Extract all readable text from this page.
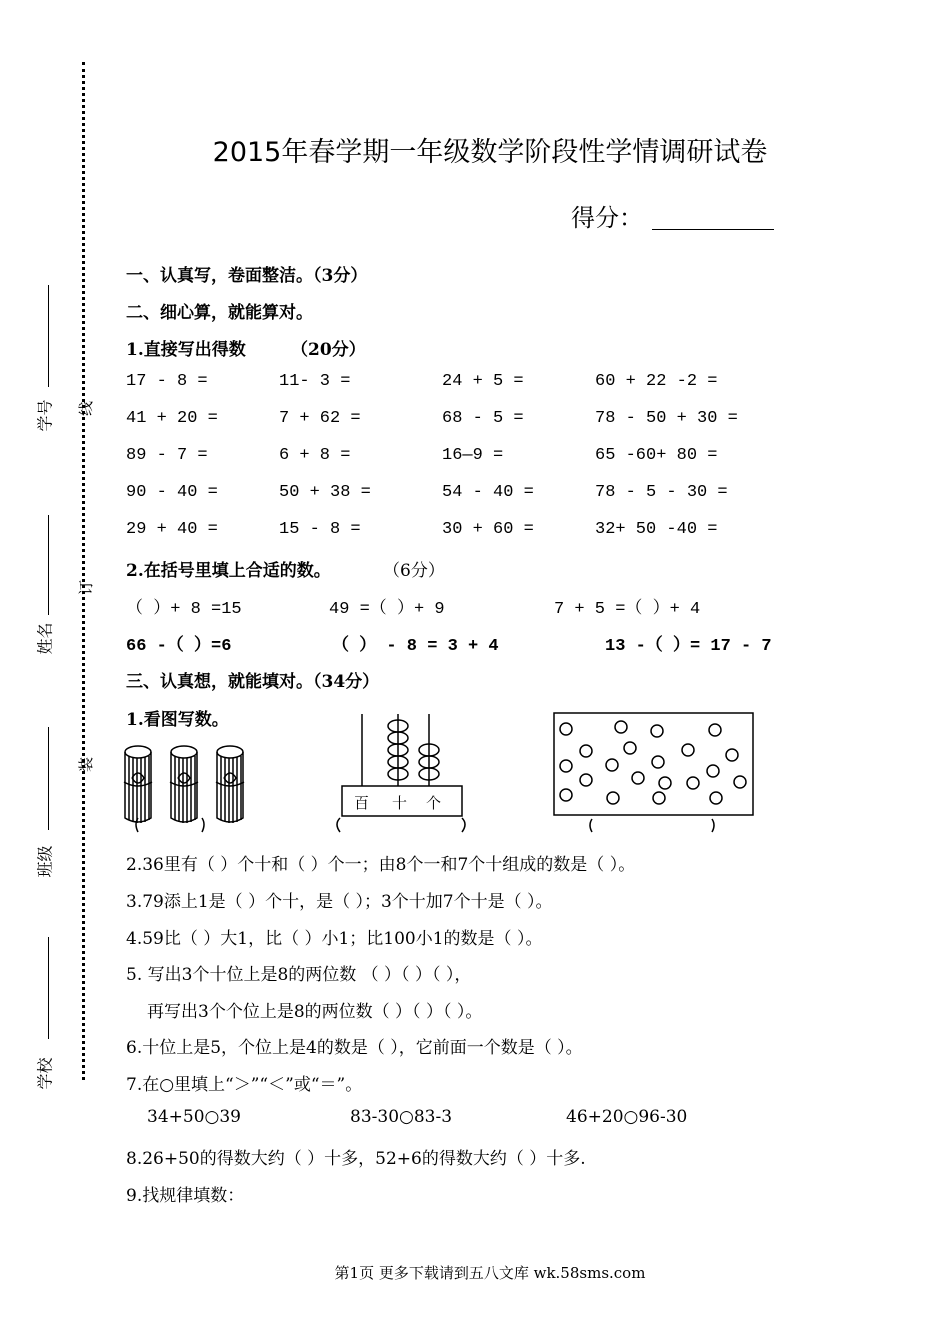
学号
姓名
班级
学校
线
订
装
2015年春学期一年级数学阶段性学情调研试卷
得分：
一、认真写，卷面整洁。（3分）
二、细心算，就能算对。
1.直接写出得数	（20分）
17 - 8 =	11- 3 =	24 + 5 =	60 + 22 -2 =
41 + 20 =	7 + 62 =	68 - 5 =	78 - 50 + 30 =
89 - 7 =	6 + 8 =	16—9 =	65 -60+ 80 =
90 - 40 =	50 + 38 =	54 - 40 =	78 - 5 - 30 =
29 + 40 =	15 - 8 =	30 + 60 =	32+ 50 -40 =
2.在括号里填上合适的数。	（6分）
（ ）+ 8 =15	49 =（ ）+ 9	7 + 5 =（ ）+ 4
66 -（ ）=6	（ ） - 8 = 3 + 4	13 -（ ）= 17 - 7
三、认真想，就能填对。（34分）
1.看图写数。
百 十 个
2.36里有（ ）个十和（ ）个一；由8个一和7个十组成的数是（ ）。
3.79添上1是（ ）个十，是（ ）；3个十加7个十是（ ）。
4.59比（ ）大1，比（ ）小1；比100小1的数是（ ）。
5. 写出3个十位上是8的两位数 （ ）（ ）（ ），
再写出3个个位上是8的两位数（ ）（ ）（ ）。
6.十位上是5，个位上是4的数是（ ），它前面一个数是（ ）。
7.在○里填上“＞”“＜”或“＝”。
34+50○39	83-30○83-3	46+20○96-30
8.26+50的得数大约（ ）十多，52+6的得数大约（ ）十多.
9.找规律填数：
第1页 更多下载请到五八文库 wk.58sms.com
